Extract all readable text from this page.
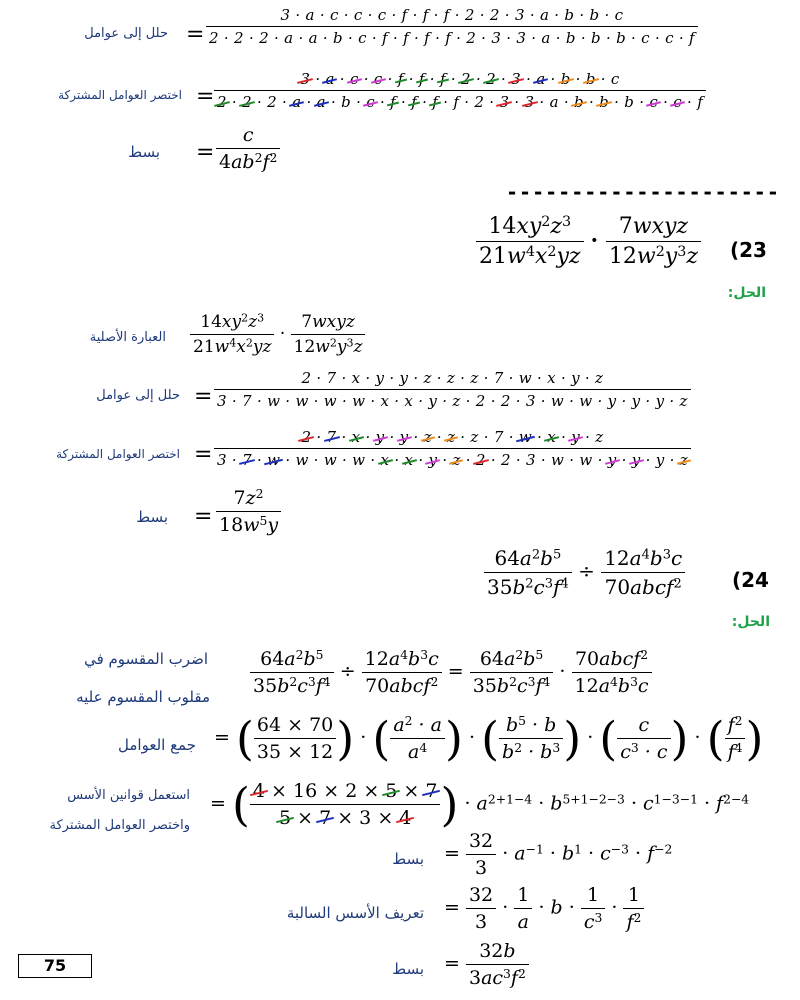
حلل إلى عوامل =
3 · a · c · c · c · f · f · f · 2 · 2 · 3 · a · b · b · c
2 · 2 · 2 · a · a · b · c · f · f · f · f · 2 · 3 · 3 · a · b · b · b · c · c · f
اختصر العوامل المشتركة =
3 · a · c · c · f · f · f · 2 · 2 · 3 · a · b · b · c
2 · 2 · 2 · a · a · b · c · f · f · f · f · 2 · 3 · 3 · a · b · b · b · c · c · f
بسط = $\frac{c}{4ab^2f^2}$
---------------------
(23
$\frac{14xy^2z^3}{21w^4x^2yz} \cdot \frac{\text{7wxyz}}{12w^2y^3z}$
الحل:
العبارة الأصلية $\frac{14xy^2z^3}{21w^4x^2yz} \cdot \frac{\text{7wxyz}}{12w^2y^3z}$
حلل إلى عوامل =
2 · 7 · x · y · y · z · z · z · 7 · w · x · y · z
3 · 7 · w · w · w · w · x · x · y · z · 2 · 2 · 3 · w · w · y · y · y · z
اختصر العوامل المشتركة =
2 · 7 · x · y · y · z · z · z · 7 · w · x · y · z
3 · 7 · w · w · w · w · x · x · y · z · 2 · 2 · 3 · w · w · y · y · y · z
بسط = $\frac{7z^2}{18w^5y}$
(24
$\frac{64a^2b^5}{35b^2c^3f^4} \div \frac{12a^4b^3c}{70abcf^2}$
الحل:
اضرب المقسوم في
مقلوب المقسوم عليه $\frac{64a^2b^5}{35b^2c^3f^4} \div \frac{12a^4b^3c}{70abcf^2} = \frac{64a^2b^5}{35b^2c^3f^4} \cdot \frac{70abcf^2}{12a^4b^3c}$
جمع العوامل = ( $\frac{64 \times 70}{35 \times 12}$ ) · ( $\frac{a^2 \cdot a}{a^4}$ ) · ( $\frac{b^5 \cdot b}{b^2 \cdot b^3}$ ) · ( $\frac{c}{c^3 \cdot c}$ ) · ( $\frac{f^2}{f^4}$ )
استعمل قوانين الأسس
واختصر العوامل المشتركة
= ( $\frac{4 \times 16 \times 2 \times 5 \times 7}{5 \times 7 \times 3 \times 4}$ ) · $a^{2+1-4} \cdot b^{5+1-2-3} \cdot c^{1-3-1} \cdot f^{2-4}$
بسط = $\frac{32}{3} \cdot a^{-1} \cdot b^1 \cdot c^{-3} \cdot f^{-2}$
تعريف الأسس السالبة = $\frac{32}{3} \cdot \frac{1}{a} \cdot b \cdot \frac{1}{c^3} \cdot \frac{1}{f^2}$
بسط = $\frac{32b}{3ac^3f^2}$
75
